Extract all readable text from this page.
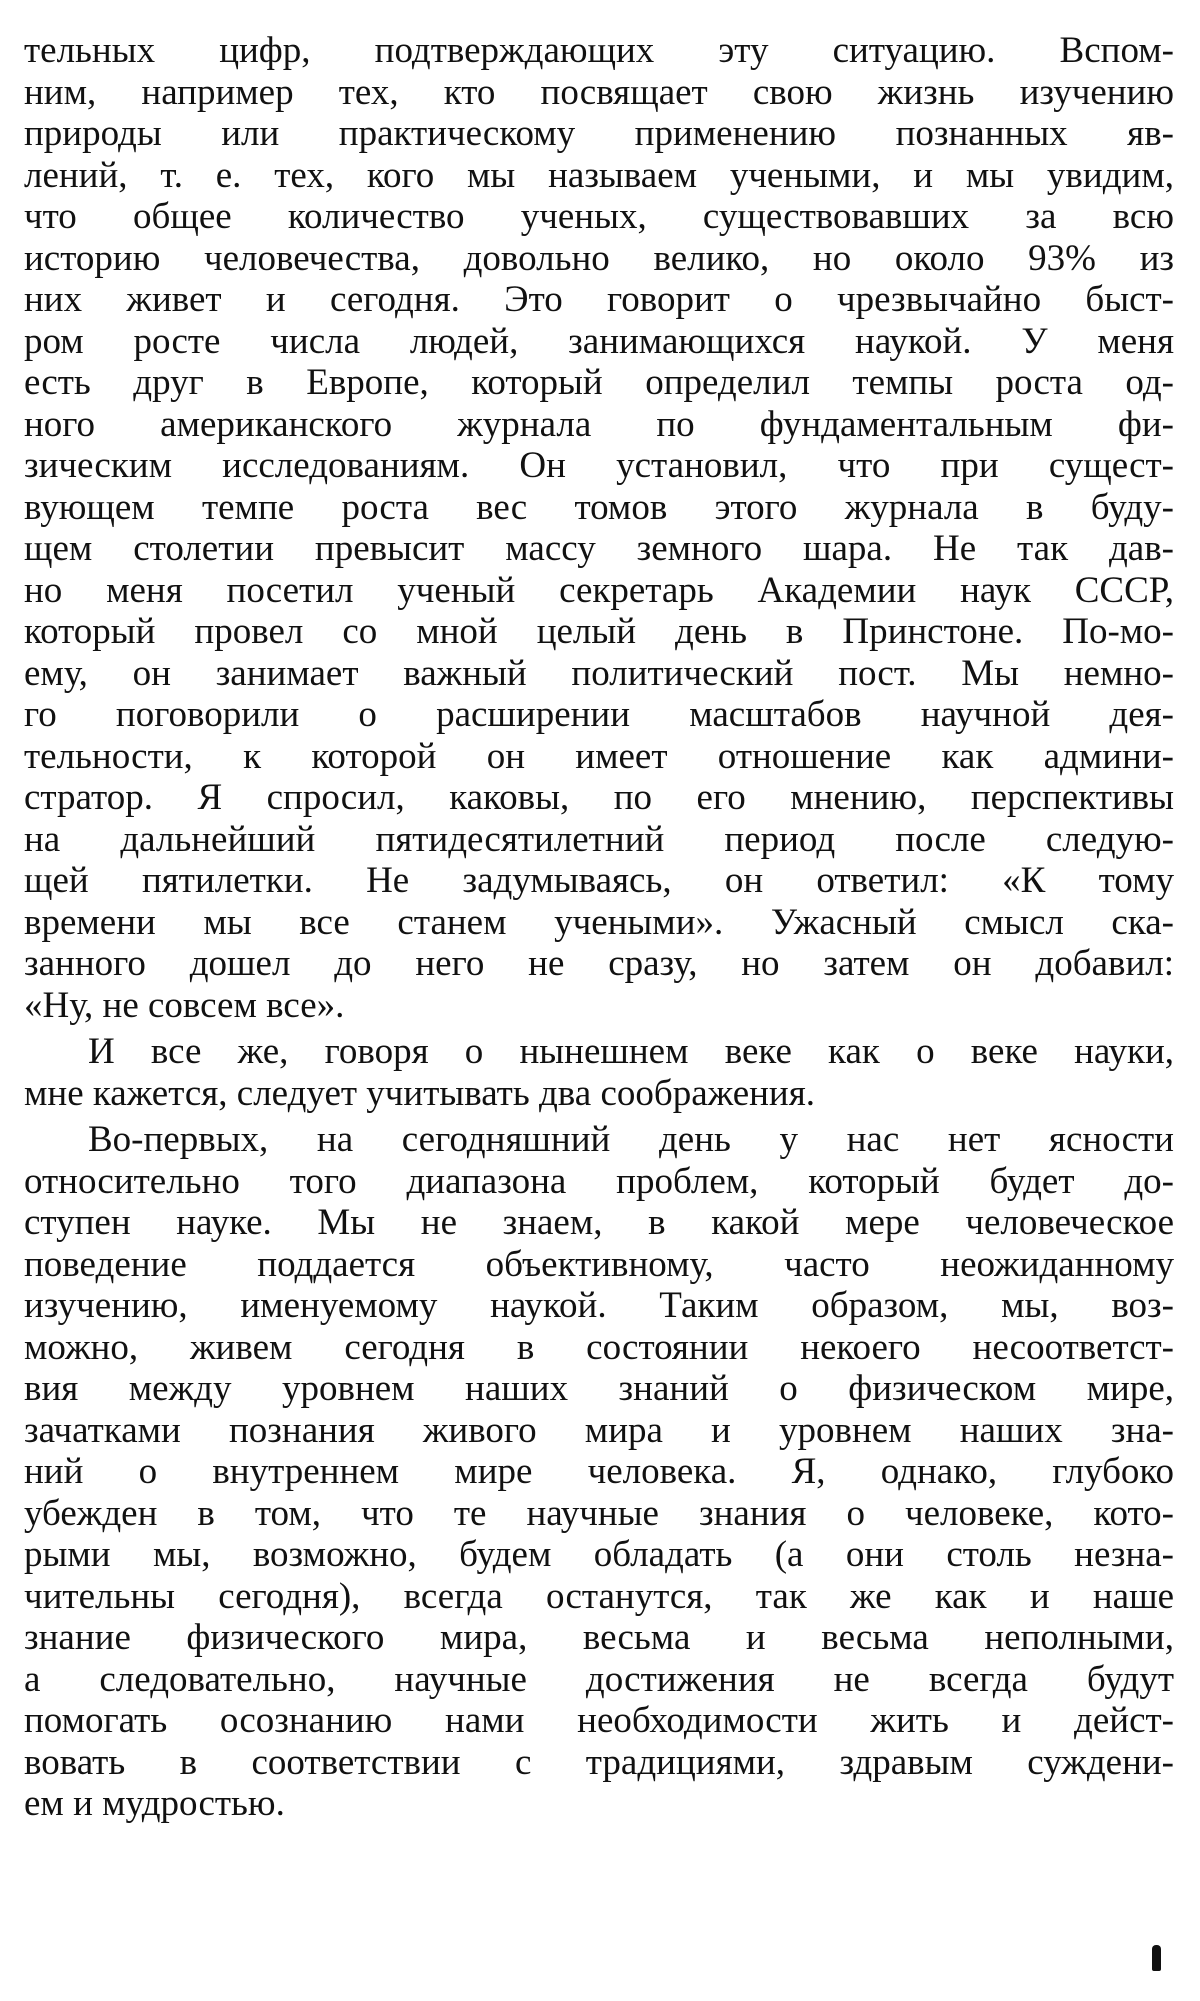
тельных цифр, подтверждающих эту ситуацию. Вспом-
ним, например тех, кто посвящает свою жизнь изучению
природы или практическому применению познанных яв-
лений, т. е. тех, кого мы называем учеными, и мы увидим,
что общее количество ученых, существовавших за всю
историю человечества, довольно велико, но около 93% из
них живет и сегодня. Это говорит о чрезвычайно быст-
ром росте числа людей, занимающихся наукой. У меня
есть друг в Европе, который определил темпы роста од-
ного американского журнала по фундаментальным фи-
зическим исследованиям. Он установил, что при сущест-
вующем темпе роста вес томов этого журнала в буду-
щем столетии превысит массу земного шара. Не так дав-
но меня посетил ученый секретарь Академии наук СССР,
который провел со мной целый день в Принстоне. По-мо-
ему, он занимает важный политический пост. Мы немно-
го поговорили о расширении масштабов научной дея-
тельности, к которой он имеет отношение как админи-
стратор. Я спросил, каковы, по его мнению, перспективы
на дальнейший пятидесятилетний период после следую-
щей пятилетки. Не задумываясь, он ответил: «К тому
времени мы все станем учеными». Ужасный смысл ска-
занного дошел до него не сразу, но затем он добавил:
«Ну, не совсем все».
И все же, говоря о нынешнем веке как о веке науки,
мне кажется, следует учитывать два соображения.
Во-первых, на сегодняшний день у нас нет ясности
относительно того диапазона проблем, который будет до-
ступен науке. Мы не знаем, в какой мере человеческое
поведение поддается объективному, часто неожиданному
изучению, именуемому наукой. Таким образом, мы, воз-
можно, живем сегодня в состоянии некоего несоответст-
вия между уровнем наших знаний о физическом мире,
зачатками познания живого мира и уровнем наших зна-
ний о внутреннем мире человека. Я, однако, глубоко
убежден в том, что те научные знания о человеке, кото-
рыми мы, возможно, будем обладать (а они столь незна-
чительны сегодня), всегда останутся, так же как и наше
знание физического мира, весьма и весьма неполными,
а следовательно, научные достижения не всегда будут
помогать осознанию нами необходимости жить и дейст-
вовать в соответствии с традициями, здравым суждени-
ем и мудростью.
